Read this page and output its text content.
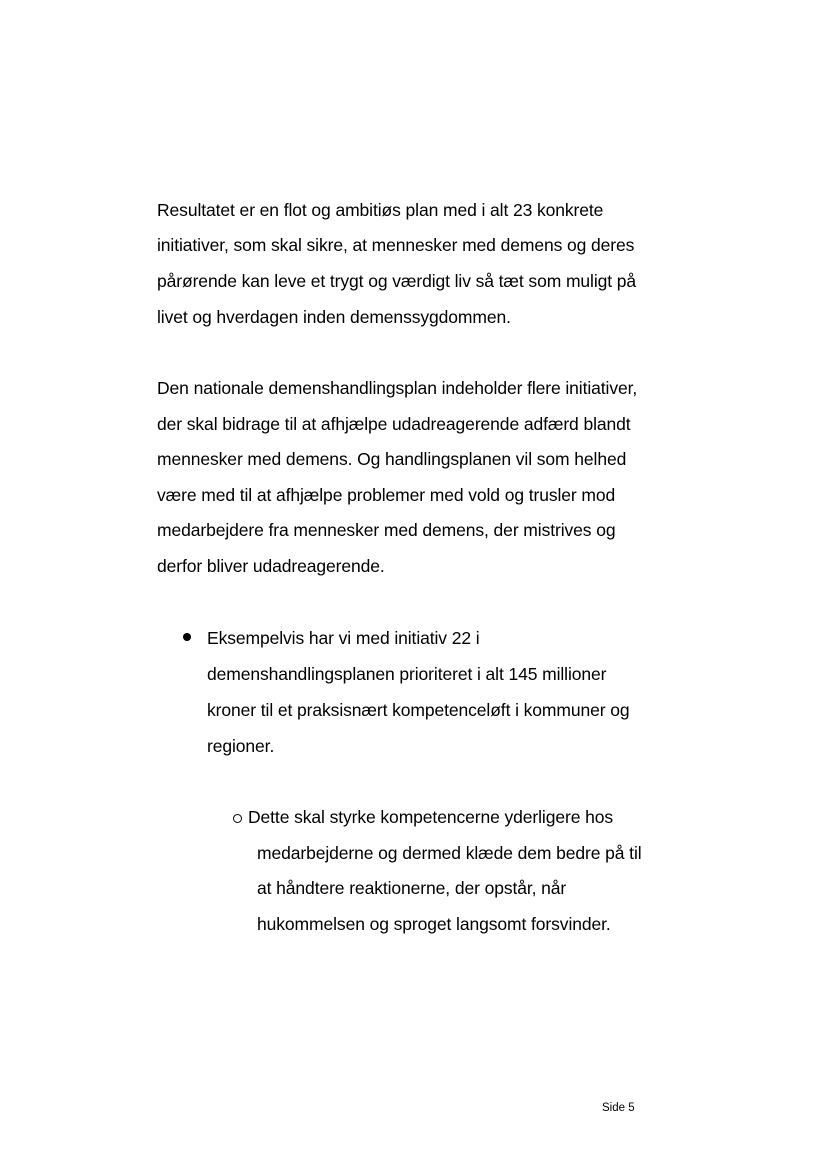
Resultatet er en flot og ambitiøs plan med i alt 23 konkrete
initiativer, som skal sikre, at mennesker med demens og deres
pårørende kan leve et trygt og værdigt liv så tæt som muligt på
livet og hverdagen inden demenssygdommen.
Den nationale demenshandlingsplan indeholder flere initiativer,
der skal bidrage til at afhjælpe udadreagerende adfærd blandt
mennesker med demens. Og handlingsplanen vil som helhed
være med til at afhjælpe problemer med vold og trusler mod
medarbejdere fra mennesker med demens, der mistrives og
derfor bliver udadreagerende.
Eksempelvis har vi med initiativ 22 i
demenshandlingsplanen prioriteret i alt 145 millioner
kroner til et praksisnært kompetenceløft i kommuner og
regioner.
Dette skal styrke kompetencerne yderligere hos
medarbejderne og dermed klæde dem bedre på til
at håndtere reaktionerne, der opstår, når
hukommelsen og sproget langsomt forsvinder.
Side 5
